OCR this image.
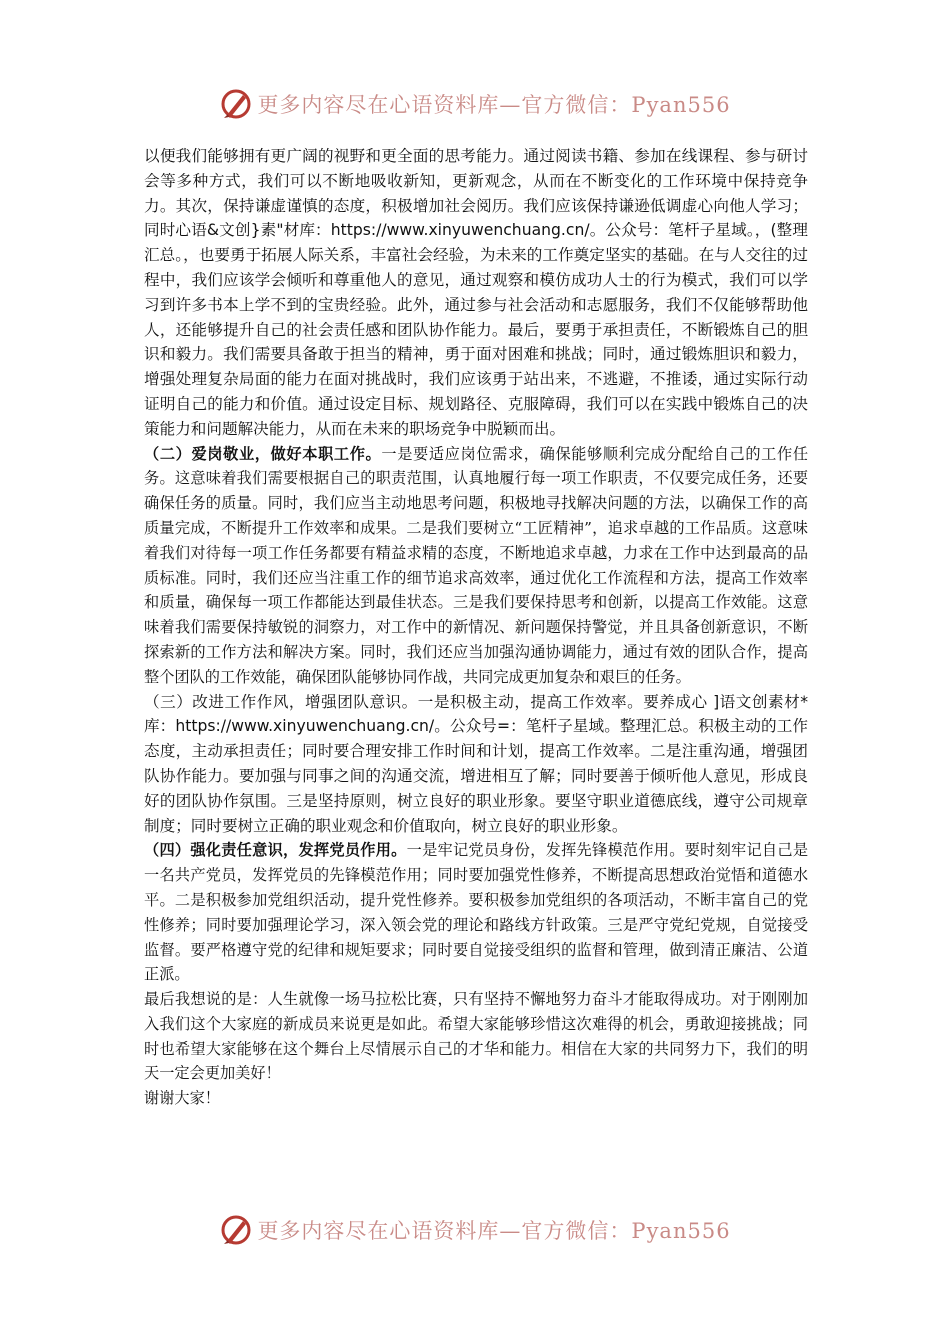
更多内容尽在心语资料库—官方微信：Pyan556

以便我们能够拥有更广阔的视野和更全面的思考能力。通过阅读书籍、参加在线课程、参与研讨会等多种方式，我们可以不断地吸收新知，更新观念，从而在不断变化的工作环境中保持竞争力。其次，保持谦虚谨慎的态度，积极增加社会阅历。我们应该保持谦逊低调虚心向他人学习；同时心语&文创}素"材库：https://www.xinyuwenchuang.cn/。公众号：笔杆子星域。，(整理汇总。，也要勇于拓展人际关系，丰富社会经验，为未来的工作奠定坚实的基础。在与人交往的过程中，我们应该学会倾听和尊重他人的意见，通过观察和模仿成功人士的行为模式，我们可以学习到许多书本上学不到的宝贵经验。此外，通过参与社会活动和志愿服务，我们不仅能够帮助他人，还能够提升自己的社会责任感和团队协作能力。最后，要勇于承担责任，不断锻炼自己的胆识和毅力。我们需要具备敢于担当的精神，勇于面对困难和挑战；同时，通过锻炼胆识和毅力，增强处理复杂局面的能力在面对挑战时，我们应该勇于站出来，不逃避，不推诿，通过实际行动证明自己的能力和价值。通过设定目标、规划路径、克服障碍，我们可以在实践中锻炼自己的决策能力和问题解决能力，从而在未来的职场竞争中脱颖而出。

（二）爱岗敬业，做好本职工作。一是要适应岗位需求，确保能够顺利完成分配给自己的工作任务。这意味着我们需要根据自己的职责范围，认真地履行每一项工作职责，不仅要完成任务，还要确保任务的质量。同时，我们应当主动地思考问题，积极地寻找解决问题的方法，以确保工作的高质量完成，不断提升工作效率和成果。二是我们要树立“工匠精神”，追求卓越的工作品质。这意味着我们对待每一项工作任务都要有精益求精的态度，不断地追求卓越，力求在工作中达到最高的品质标准。同时，我们还应当注重工作的细节追求高效率，通过优化工作流程和方法，提高工作效率和质量，确保每一项工作都能达到最佳状态。三是我们要保持思考和创新，以提高工作效能。这意味着我们需要保持敏锐的洞察力，对工作中的新情况、新问题保持警觉，并且具备创新意识，不断探索新的工作方法和解决方案。同时，我们还应当加强沟通协调能力，通过有效的团队合作，提高整个团队的工作效能，确保团队能够协同作战，共同完成更加复杂和艰巨的任务。

（三）改进工作作风，增强团队意识。一是积极主动，提高工作效率。要养成心 ]语文创素材*库：https://www.xinyuwenchuang.cn/。公众号=：笔杆子星域。整理汇总。积极主动的工作态度，主动承担责任；同时要合理安排工作时间和计划，提高工作效率。二是注重沟通，增强团队协作能力。要加强与同事之间的沟通交流，增进相互了解；同时要善于倾听他人意见，形成良好的团队协作氛围。三是坚持原则，树立良好的职业形象。要坚守职业道德底线，遵守公司规章制度；同时要树立正确的职业观念和价值取向，树立良好的职业形象。

（四）强化责任意识，发挥党员作用。一是牢记党员身份，发挥先锋模范作用。要时刻牢记自己是一名共产党员，发挥党员的先锋模范作用；同时要加强党性修养，不断提高思想政治觉悟和道德水平。二是积极参加党组织活动，提升党性修养。要积极参加党组织的各项活动，不断丰富自己的党性修养；同时要加强理论学习，深入领会党的理论和路线方针政策。三是严守党纪党规，自觉接受监督。要严格遵守党的纪律和规矩要求；同时要自觉接受组织的监督和管理，做到清正廉洁、公道正派。

最后我想说的是：人生就像一场马拉松比赛，只有坚持不懈地努力奋斗才能取得成功。对于刚刚加入我们这个大家庭的新成员来说更是如此。希望大家能够珍惜这次难得的机会，勇敢迎接挑战；同时也希望大家能够在这个舞台上尽情展示自己的才华和能力。相信在大家的共同努力下，我们的明天一定会更加美好！

谢谢大家！

更多内容尽在心语资料库—官方微信：Pyan556
